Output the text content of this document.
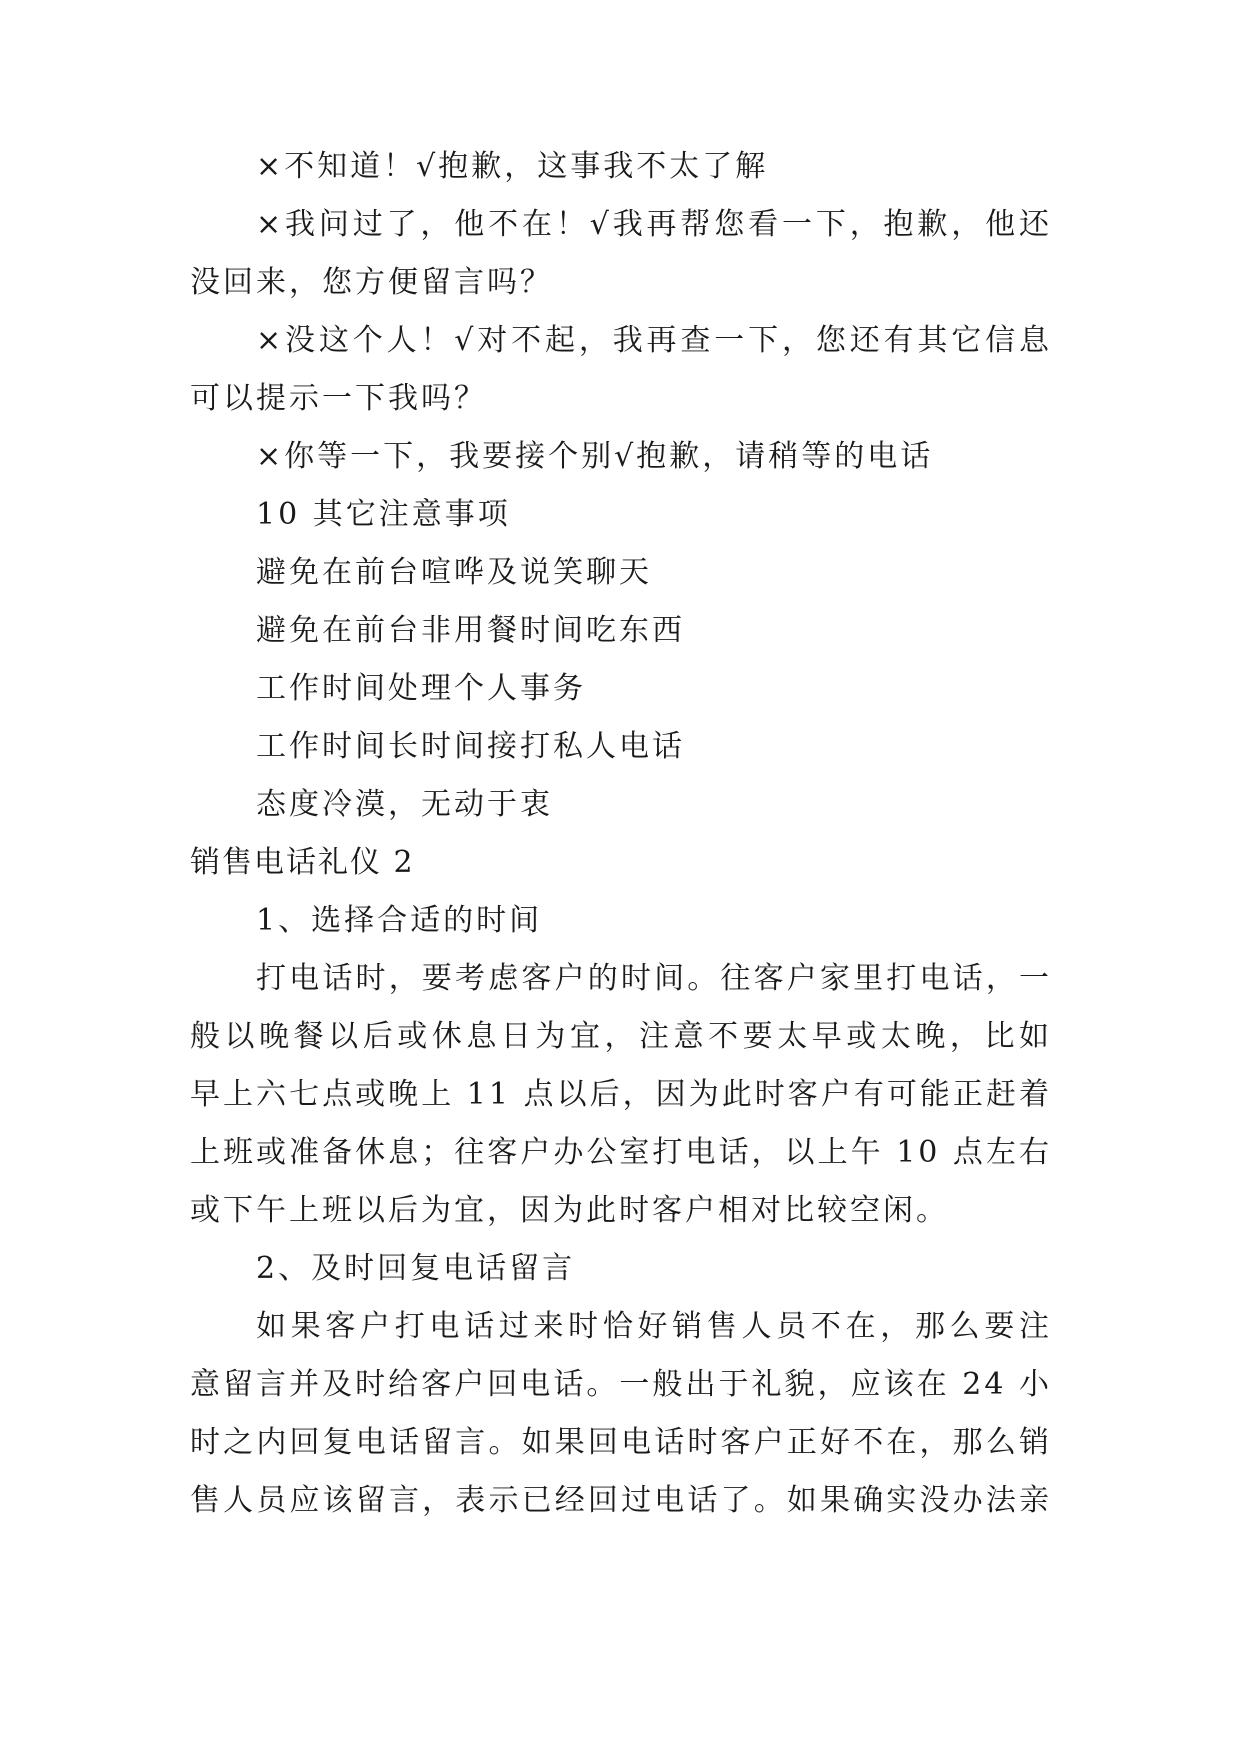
×不知道！√抱歉，这事我不太了解
×我问过了，他不在！√我再帮您看一下，抱歉，他还
没回来，您方便留言吗？
×没这个人！√对不起，我再查一下，您还有其它信息
可以提示一下我吗？
×你等一下，我要接个别√抱歉，请稍等的电话
10 其它注意事项
避免在前台喧哗及说笑聊天
避免在前台非用餐时间吃东西
工作时间处理个人事务
工作时间长时间接打私人电话
态度冷漠，无动于衷
销售电话礼仪 2
1、选择合适的时间
打电话时，要考虑客户的时间。往客户家里打电话，一
般以晚餐以后或休息日为宜，注意不要太早或太晚，比如
早上六七点或晚上 11 点以后，因为此时客户有可能正赶着
上班或准备休息；往客户办公室打电话，以上午 10 点左右
或下午上班以后为宜，因为此时客户相对比较空闲。
2、及时回复电话留言
如果客户打电话过来时恰好销售人员不在，那么要注
意留言并及时给客户回电话。一般出于礼貌，应该在 24 小
时之内回复电话留言。如果回电话时客户正好不在，那么销
售人员应该留言，表示已经回过电话了。如果确实没办法亲
